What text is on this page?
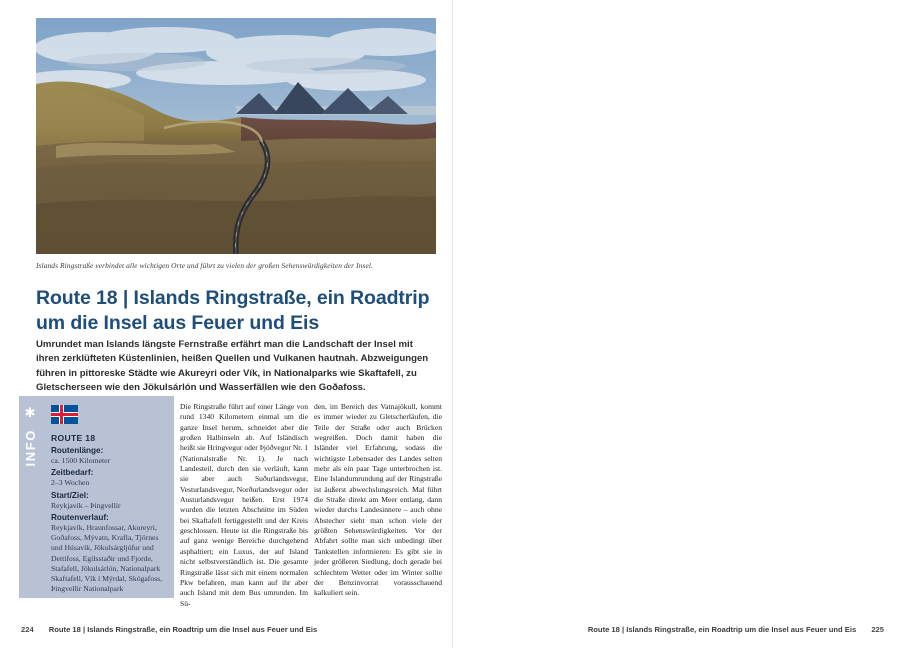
Islands Ringstraße verbindet alle wichtigen Orte und führt zu vielen der großen Sehenswürdigkeiten der Insel.
Route 18 | Islands Ringstraße, ein Roadtrip um die Insel aus Feuer und Eis
Umrundet man Islands längste Fernstraße erfährt man die Landschaft der Insel mit ihren zerklüfteten Küstenlinien, heißen Quellen und Vulkanen hautnah. Abzweigungen führen in pittoreske Städte wie Akureyri oder Vík, in Nationalparks wie Skaftafell, zu Gletscherseen wie den Jökulsárlón und Wasserfällen wie den Goðafoss.
✱
INFO ROUTE 18
Routenlänge:
ca. 1500 Kilometer
Zeitbedarf:
2–3 Wochen
Start/Ziel:
Reykjavík – Þingvellir
Routenverlauf:
Reykjavík, Hraunfossar, Akureyri, Goðafoss, Mývatn, Krafla, Tjörnes und Húsavík, Jökulsárgljúfur und Dettifoss, Egilsstaðir und Fjorde, Stafafell, Jökulsárlón, Nationalpark Skaftafell, Vík í Mýrdal, Skógafoss, Þingvellir Nationalpark
Die Ringstraße führt auf einer Länge von rund 1340 Kilometern einmal um die ganze Insel herum, schneidet aber die großen Halbinseln ab. Auf Isländisch heißt sie Hringvegur oder Þjóðvegur Nr. 1 (Nationalstraße Nr. 1). Je nach Landesteil, durch den sie verläuft, kann sie aber auch Suðurlandsvegur, Vesturlandsvegur, Norðurlandsvegur oder Austurlandsvegur heißen. Erst 1974 wurden die letzten Abschnitte im Süden bei Skaftafell fertiggestellt und der Kreis geschlossen. Heute ist die Ringstraße bis auf ganz wenige Bereiche durchgehend asphaltiert; ein Luxus, der auf Island nicht selbstverständlich ist. Die gesamte Ringstraße lässt sich mit einem normalen Pkw befahren, man kann auf ihr aber auch Island mit dem Bus umrunden. Im Sü-
den, im Bereich des Vatnajökull, kommt es immer wieder zu Gletscherläufen, die Teile der Straße oder auch Brücken wegreißen. Doch damit haben die Isländer viel Erfahrung, sodass die wichtigste Lebensader des Landes selten mehr als ein paar Tage unterbrochen ist. Eine Islandumrundung auf der Ringstraße ist äußerst abwechslungsreich. Mal führt die Straße direkt am Meer entlang, dann wieder durchs Landesinnere – auch ohne Abstecher sieht man schon viele der größten Sehenswürdigkeiten. Vor der Abfahrt sollte man sich unbedingt über Tankstellen informieren: Es gibt sie in jeder größeren Siedlung, doch gerade bei schlechtem Wetter oder im Winter sollte der Benzinvorrat vorausschauend kalkuliert sein.
224 Route 18 | Islands Ringstraße, ein Roadtrip um die Insel aus Feuer und Eis	Route 18 | Islands Ringstraße, ein Roadtrip um die Insel aus Feuer und Eis 225
